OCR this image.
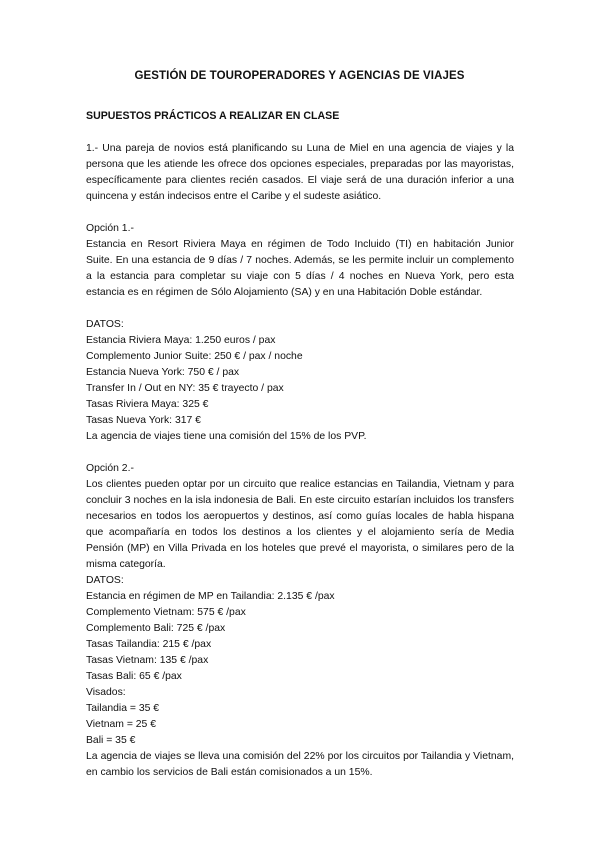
GESTIÓN DE TOUROPERADORES Y AGENCIAS DE VIAJES
SUPUESTOS PRÁCTICOS A REALIZAR EN CLASE

1.- Una pareja de novios está planificando su Luna de Miel en una agencia de viajes y la persona que les atiende les ofrece dos opciones especiales, preparadas por las mayoristas, específicamente para clientes recién casados. El viaje será de una duración inferior a una quincena y están indecisos entre el Caribe y el sudeste asiático.

Opción 1.-

Estancia en Resort Riviera Maya en régimen de Todo Incluido (TI) en habitación Junior Suite. En una estancia de 9 días / 7 noches. Además, se les permite incluir un complemento a la estancia para completar su viaje con 5 días / 4 noches en Nueva York, pero esta estancia es en régimen de Sólo Alojamiento (SA) y en una Habitación Doble estándar.

DATOS:
Estancia Riviera Maya: 1.250 euros / pax
Complemento Junior Suite: 250 € / pax / noche
Estancia Nueva York: 750 € / pax
Transfer In / Out en NY: 35 € trayecto / pax
Tasas Riviera Maya: 325 €
Tasas Nueva York: 317 €
La agencia de viajes tiene una comisión del 15% de los PVP.
Opción 2.-

Los clientes pueden optar por un circuito que realice estancias en Tailandia, Vietnam y para concluir 3 noches en la isla indonesia de Bali. En este circuito estarían incluidos los transfers necesarios en todos los aeropuertos y destinos, así como guías locales de habla hispana que acompañaría en todos los destinos a los clientes y el alojamiento sería de Media Pensión (MP) en Villa Privada en los hoteles que prevé el mayorista, o similares pero de la misma categoría.

DATOS:
Estancia en régimen de MP en Tailandia: 2.135 € /pax
Complemento Vietnam: 575 € /pax
Complemento Bali: 725 € /pax
Tasas Tailandia: 215 € /pax
Tasas Vietnam: 135 € /pax
Tasas Bali: 65 € /pax
Visados:
Tailandia = 35 €
Vietnam = 25 €
Bali = 35 €

La agencia de viajes se lleva una comisión del 22% por los circuitos por Tailandia y Vietnam, en cambio los servicios de Bali están comisionados a un 15%.
